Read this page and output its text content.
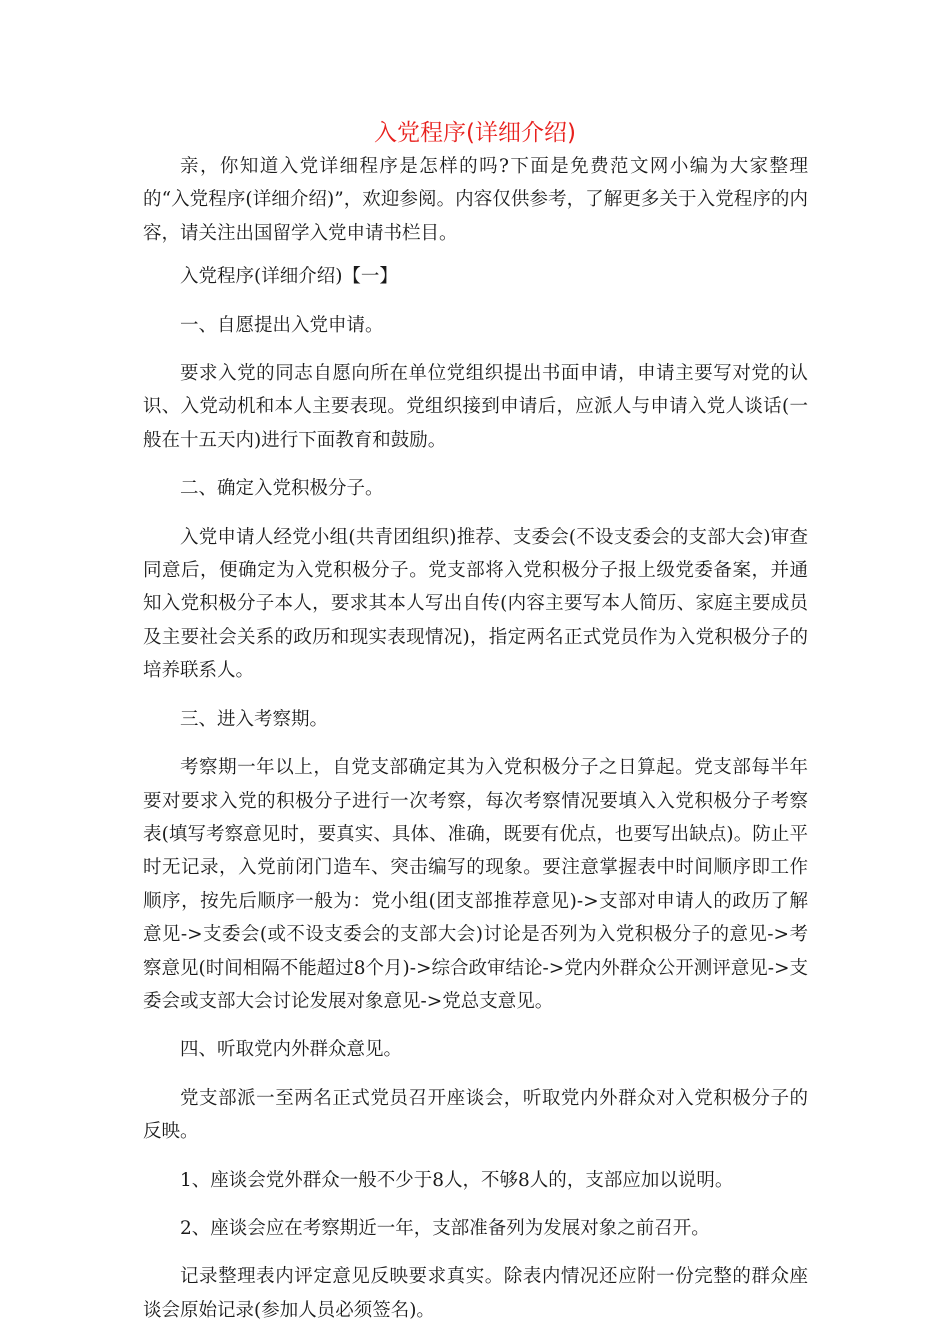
入党程序(详细介绍)

亲，你知道入党详细程序是怎样的吗?下面是免费范文网小编为大家整理的“入党程序(详细介绍)”，欢迎参阅。内容仅供参考，了解更多关于入党程序的内容，请关注出国留学入党申请书栏目。

入党程序(详细介绍)【一】

一、自愿提出入党申请。

要求入党的同志自愿向所在单位党组织提出书面申请，申请主要写对党的认识、入党动机和本人主要表现。党组织接到申请后，应派人与申请入党人谈话(一般在十五天内)进行下面教育和鼓励。

二、确定入党积极分子。

入党申请人经党小组(共青团组织)推荐、支委会(不设支委会的支部大会)审查同意后，便确定为入党积极分子。党支部将入党积极分子报上级党委备案，并通知入党积极分子本人，要求其本人写出自传(内容主要写本人简历、家庭主要成员及主要社会关系的政历和现实表现情况)，指定两名正式党员作为入党积极分子的培养联系人。

三、进入考察期。

考察期一年以上，自党支部确定其为入党积极分子之日算起。党支部每半年要对要求入党的积极分子进行一次考察，每次考察情况要填入入党积极分子考察表(填写考察意见时，要真实、具体、准确，既要有优点，也要写出缺点)。防止平时无记录，入党前闭门造车、突击编写的现象。要注意掌握表中时间顺序即工作顺序，按先后顺序一般为：党小组(团支部推荐意见)->支部对申请人的政历了解意见->支委会(或不设支委会的支部大会)讨论是否列为入党积极分子的意见->考察意见(时间相隔不能超过8个月)->综合政审结论->党内外群众公开测评意见->支委会或支部大会讨论发展对象意见->党总支意见。

四、听取党内外群众意见。

党支部派一至两名正式党员召开座谈会，听取党内外群众对入党积极分子的反映。

1、座谈会党外群众一般不少于8人，不够8人的，支部应加以说明。

2、座谈会应在考察期近一年，支部准备列为发展对象之前召开。

记录整理表内评定意见反映要求真实。除表内情况还应附一份完整的群众座谈会原始记录(参加人员必须签名)。
